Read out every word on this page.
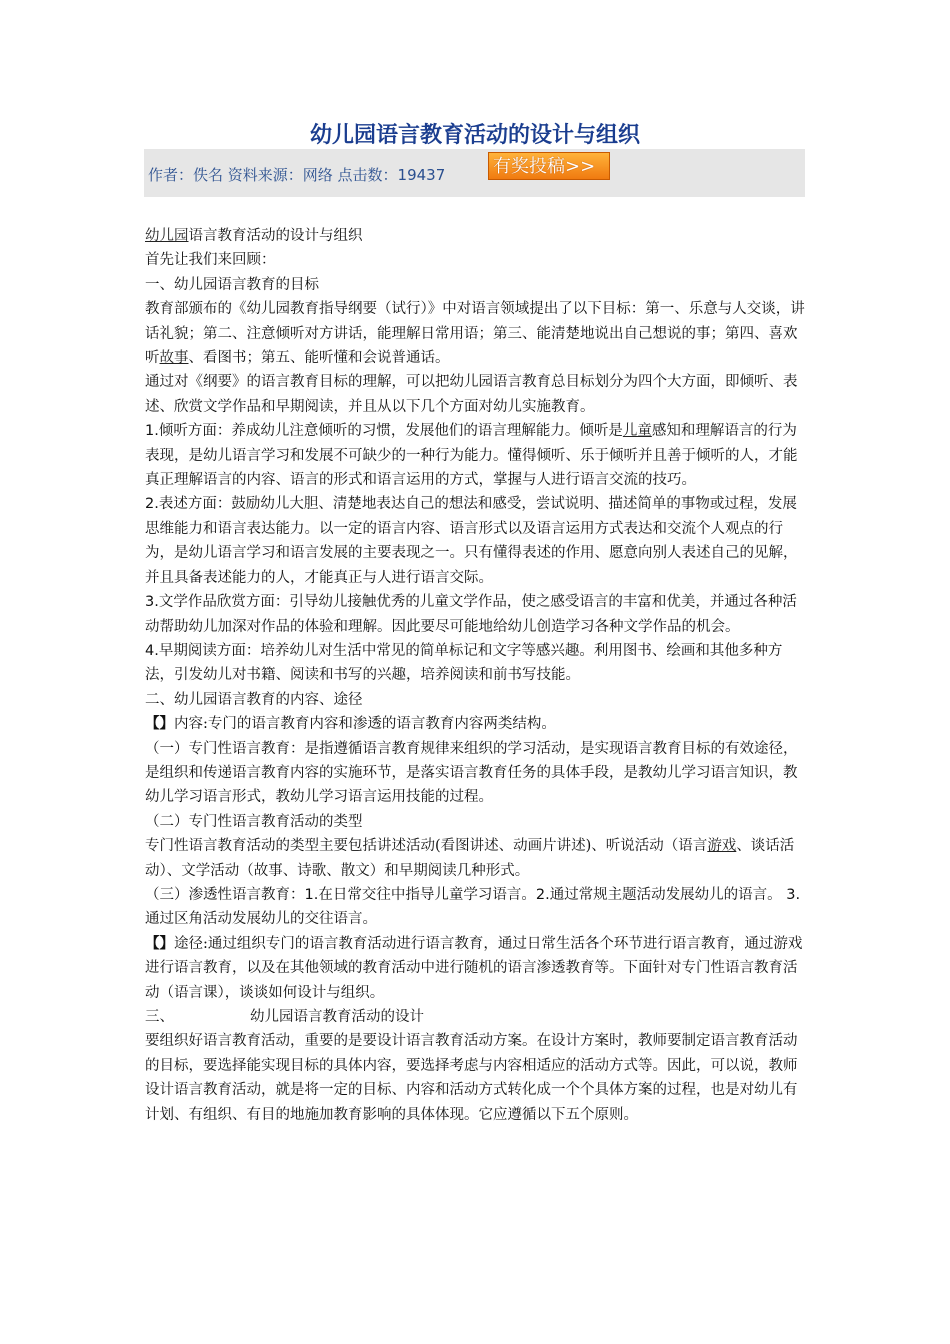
幼儿园语言教育活动的设计与组织
作者：佚名 资料来源：网络 点击数：19437	有奖投稿>>

幼儿园语言教育活动的设计与组织

首先让我们来回顾：

一、幼儿园语言教育的目标

教育部颁布的《幼儿园教育指导纲要（试行）》中对语言领域提出了以下目标：第一、乐意与人交谈，讲话礼貌；第二、注意倾听对方讲话，能理解日常用语；第三、能清楚地说出自己想说的事；第四、喜欢听故事、看图书；第五、能听懂和会说普通话。

通过对《纲要》的语言教育目标的理解，可以把幼儿园语言教育总目标划分为四个大方面，即倾听、表述、欣赏文学作品和早期阅读，并且从以下几个方面对幼儿实施教育。

1.倾听方面：养成幼儿注意倾听的习惯，发展他们的语言理解能力。倾听是儿童感知和理解语言的行为表现，是幼儿语言学习和发展不可缺少的一种行为能力。懂得倾听、乐于倾听并且善于倾听的人，才能真正理解语言的内容、语言的形式和语言运用的方式，掌握与人进行语言交流的技巧。

2.表述方面：鼓励幼儿大胆、清楚地表达自己的想法和感受，尝试说明、描述简单的事物或过程，发展思维能力和语言表达能力。以一定的语言内容、语言形式以及语言运用方式表达和交流个人观点的行为，是幼儿语言学习和语言发展的主要表现之一。只有懂得表述的作用、愿意向别人表述自己的见解，并且具备表述能力的人，才能真正与人进行语言交际。

3.文学作品欣赏方面：引导幼儿接触优秀的儿童文学作品，使之感受语言的丰富和优美，并通过各种活动帮助幼儿加深对作品的体验和理解。因此要尽可能地给幼儿创造学习各种文学作品的机会。

4.早期阅读方面：培养幼儿对生活中常见的简单标记和文字等感兴趣。利用图书、绘画和其他多种方法，引发幼儿对书籍、阅读和书写的兴趣，培养阅读和前书写技能。

二、幼儿园语言教育的内容、途径

【】内容:专门的语言教育内容和渗透的语言教育内容两类结构。

（一）专门性语言教育：是指遵循语言教育规律来组织的学习活动，是实现语言教育目标的有效途径，是组织和传递语言教育内容的实施环节，是落实语言教育任务的具体手段，是教幼儿学习语言知识，教幼儿学习语言形式，教幼儿学习语言运用技能的过程。

（二）专门性语言教育活动的类型

专门性语言教育活动的类型主要包括讲述活动(看图讲述、动画片讲述)、听说活动（语言游戏、谈话活动）、文学活动（故事、诗歌、散文）和早期阅读几种形式。

（三）渗透性语言教育：1.在日常交往中指导儿童学习语言。2.通过常规主题活动发展幼儿的语言。 3.通过区角活动发展幼儿的交往语言。

【】途径:通过组织专门的语言教育活动进行语言教育，通过日常生活各个环节进行语言教育，通过游戏进行语言教育，以及在其他领域的教育活动中进行随机的语言渗透教育等。下面针对专门性语言教育活动（语言课），谈谈如何设计与组织。

三、	幼儿园语言教育活动的设计

要组织好语言教育活动，重要的是要设计语言教育活动方案。在设计方案时，教师要制定语言教育活动的目标，要选择能实现目标的具体内容，要选择考虑与内容相适应的活动方式等。因此，可以说，教师设计语言教育活动，就是将一定的目标、内容和活动方式转化成一个个具体方案的过程，也是对幼儿有计划、有组织、有目的地施加教育影响的具体体现。它应遵循以下五个原则。
